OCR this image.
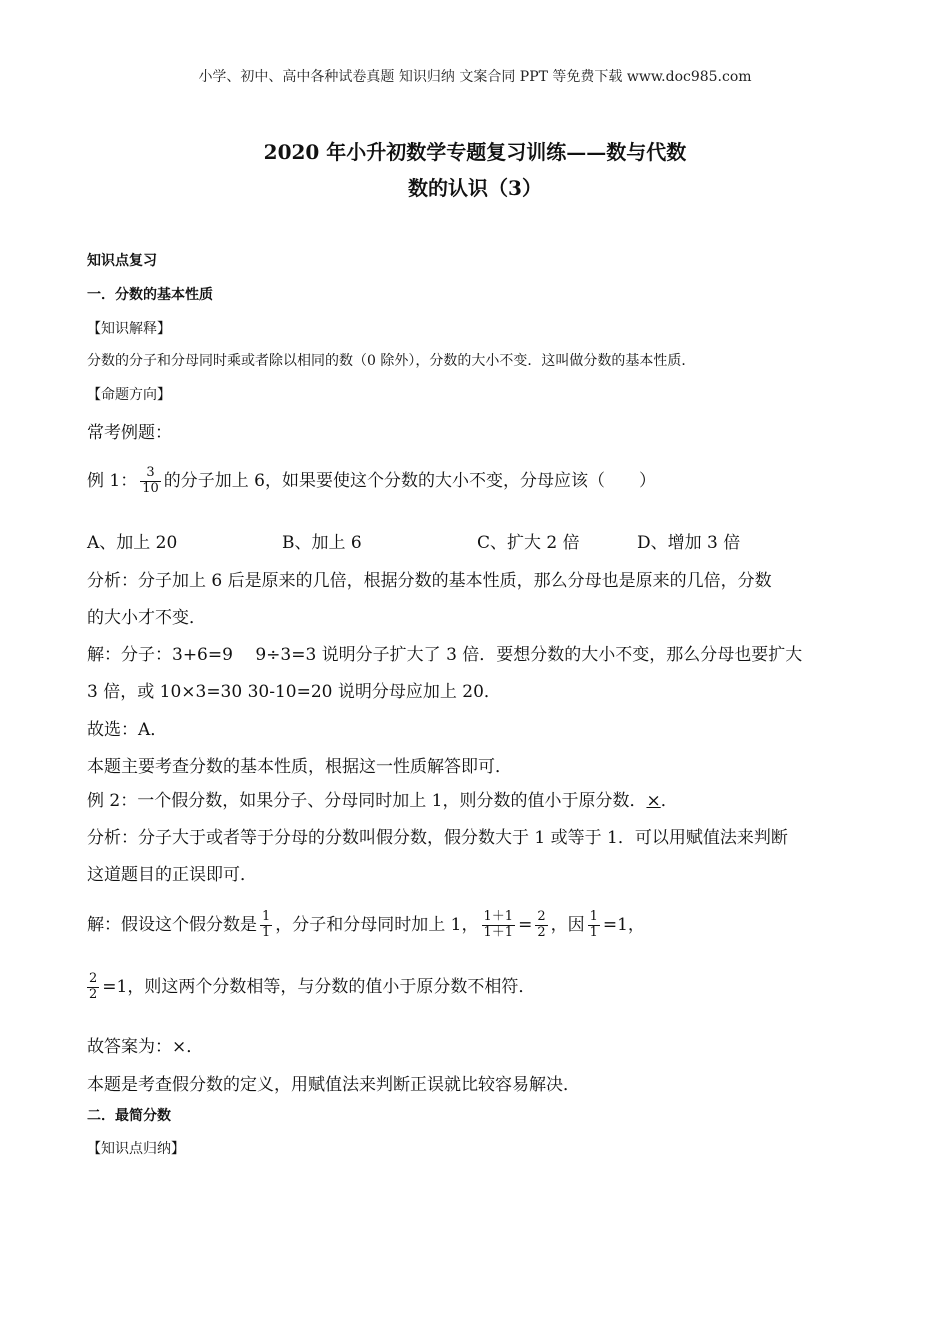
小学、初中、高中各种试卷真题 知识归纳 文案合同 PPT 等免费下载 www.doc985.com
2020 年小升初数学专题复习训练——数与代数
数的认识（3）
知识点复习
一．分数的基本性质
【知识解释】
分数的分子和分母同时乘或者除以相同的数（0 除外），分数的大小不变．这叫做分数的基本性质．
【命题方向】
常考例题：
例 1： $\frac{3}{10}$ 的分子加上 6，如果要使这个分数的大小不变，分母应该（　　）
A、加上 20	B、加上 6	C、扩大 2 倍	D、增加 3 倍
分析：分子加上 6 后是原来的几倍，根据分数的基本性质，那么分母也是原来的几倍，分数
的大小才不变．
解：分子：3+6=9　 9÷3=3 说明分子扩大了 3 倍．要想分数的大小不变，那么分母也要扩大
3 倍，或 10×3=30 30-10=20 说明分母应加上 20．
故选：A．
本题主要考查分数的基本性质，根据这一性质解答即可．
例 2：一个假分数，如果分子、分母同时加上 1，则分数的值小于原分数．×．
分析：分子大于或者等于分母的分数叫假分数，假分数大于 1 或等于 1．可以用赋值法来判断
这道题目的正误即可．
解：假设这个假分数是 $\frac{1}{1}$ ，分子和分母同时加上 1， $\frac{1+1}{1+1} = \frac{2}{2}$ ，因 $\frac{1}{1} =1$，
$\frac{2}{2} =1$，则这两个分数相等，与分数的值小于原分数不相符．
故答案为：×．
本题是考查假分数的定义，用赋值法来判断正误就比较容易解决．
二．最简分数
【知识点归纳】
